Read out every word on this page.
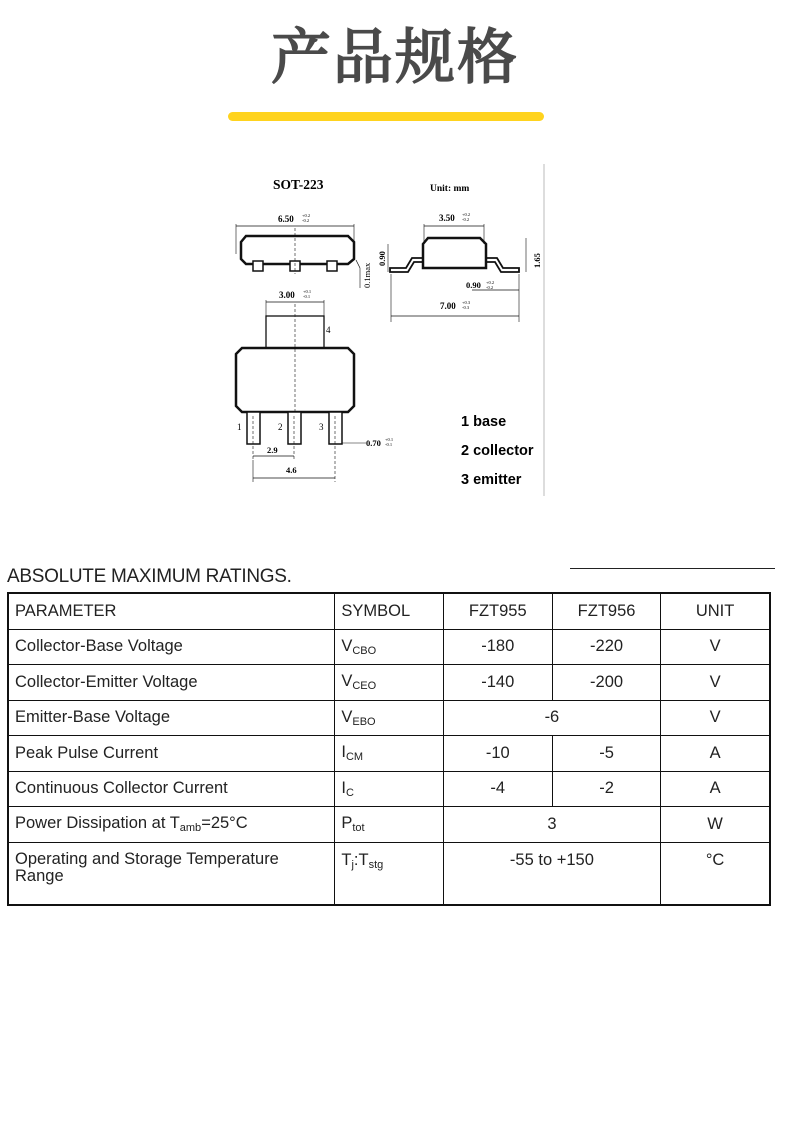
产品规格
SOT-223	Unit: mm
6.50 +0.2
-0.2
0.1max
3.50 +0.2
-0.2
0.90	1.65
0.90 +0.2
-0.2
7.00 +0.3
-0.3
3.00 +0.1
-0.1
4
1	2	3
0.70 +0.1
-0.1
2.9
4.6
1 base
2 collector
3 emitter
ABSOLUTE MAXIMUM RATINGS.
PARAMETER	SYMBOL	FZT955	FZT956	UNIT
Collector-Base Voltage	$V_{CBO}$	-180	-220	V
Collector-Emitter Voltage	$V_{CEO}$	-140	-200	V
Emitter-Base Voltage	$V_{EBO}$	-6		V
Peak Pulse Current	$I_{CM}$	-10	-5	A
Continuous Collector Current	$I_C$	-4	-2	A
Power Dissipation at $T_{amb}=25^\circ C$	$P_{tot}$	3		W
Operating and Storage Temperature Range	$T_j:T_{stg}$	-55 to +150		°C
